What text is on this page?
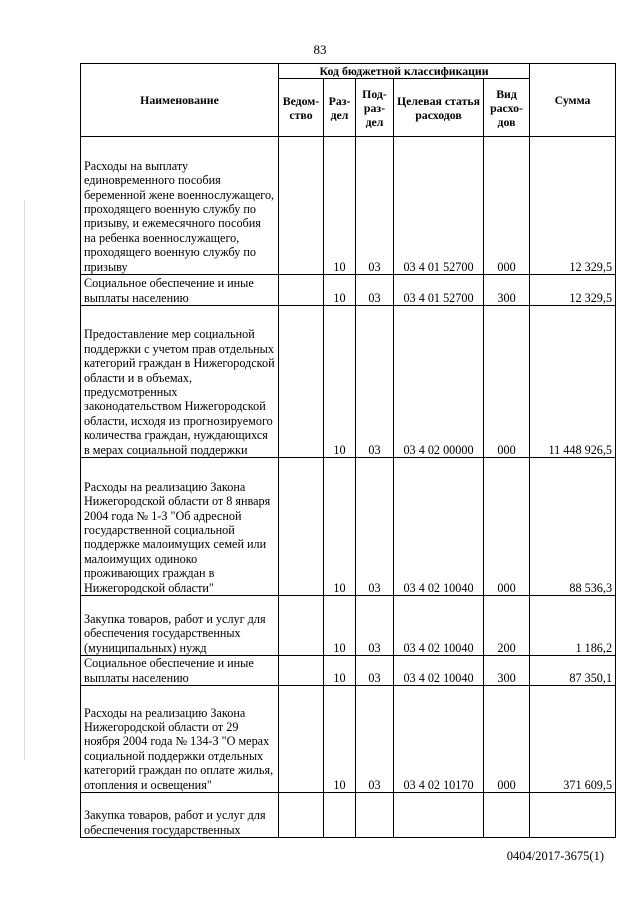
83
Наименование	Код бюджетной классификации					Сумма
	Ведом-ство	Раз-дел	Под-раз-дел	Целевая статья расходов	Вид расхо-дов	
Расходы на выплату единовременного пособия беременной жене военнослужащего, проходящего военную службу по призыву, и ежемесячного пособия на ребенка военнослужащего, проходящего военную службу по призыву		10	03	03 4 01 52700	000	12 329,5
Социальное обеспечение и иные выплаты населению		10	03	03 4 01 52700	300	12 329,5
Предоставление мер социальной поддержки с учетом прав отдельных категорий граждан в Нижегородской области и в объемах, предусмотренных законодательством Нижегородской области, исходя из прогнозируемого количества граждан, нуждающихся в мерах социальной поддержки		10	03	03 4 02 00000	000	11 448 926,5
Расходы на реализацию Закона Нижегородской области от 8 января 2004 года № 1-З "Об адресной государственной социальной поддержке малоимущих семей или малоимущих одиноко проживающих граждан в Нижегородской области"		10	03	03 4 02 10040	000	88 536,3
Закупка товаров, работ и услуг для обеспечения государственных (муниципальных) нужд		10	03	03 4 02 10040	200	1 186,2
Социальное обеспечение и иные выплаты населению		10	03	03 4 02 10040	300	87 350,1
Расходы на реализацию Закона Нижегородской области от 29 ноября 2004 года № 134-З "О мерах социальной поддержки отдельных категорий граждан по оплате жилья, отопления и освещения"		10	03	03 4 02 10170	000	371 609,5
Закупка товаров, работ и услуг для обеспечения государственных						
0404/2017-3675(1)
